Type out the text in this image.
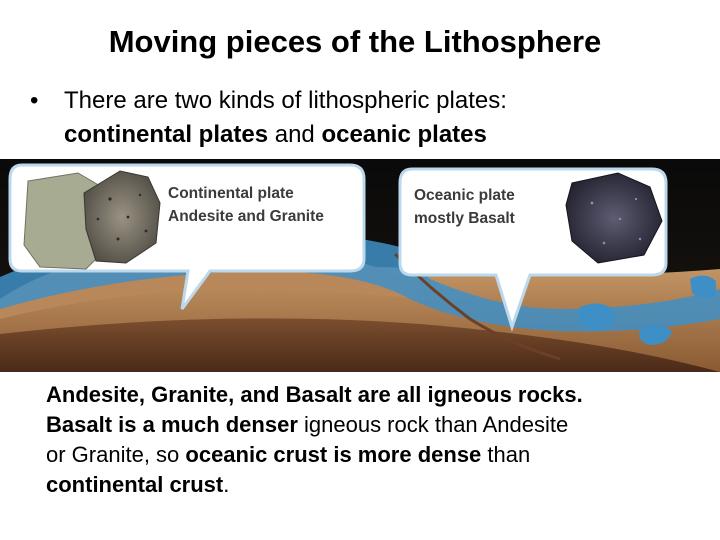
Moving pieces of the Lithosphere
• There are two kinds of lithospheric plates:
continental plates and oceanic plates
Continental plate
Andesite and Granite
Oceanic plate
mostly Basalt
Andesite, Granite, and Basalt are all igneous rocks.
Basalt is a much denser igneous rock than Andesite
or Granite, so oceanic crust is more dense than
continental crust.
